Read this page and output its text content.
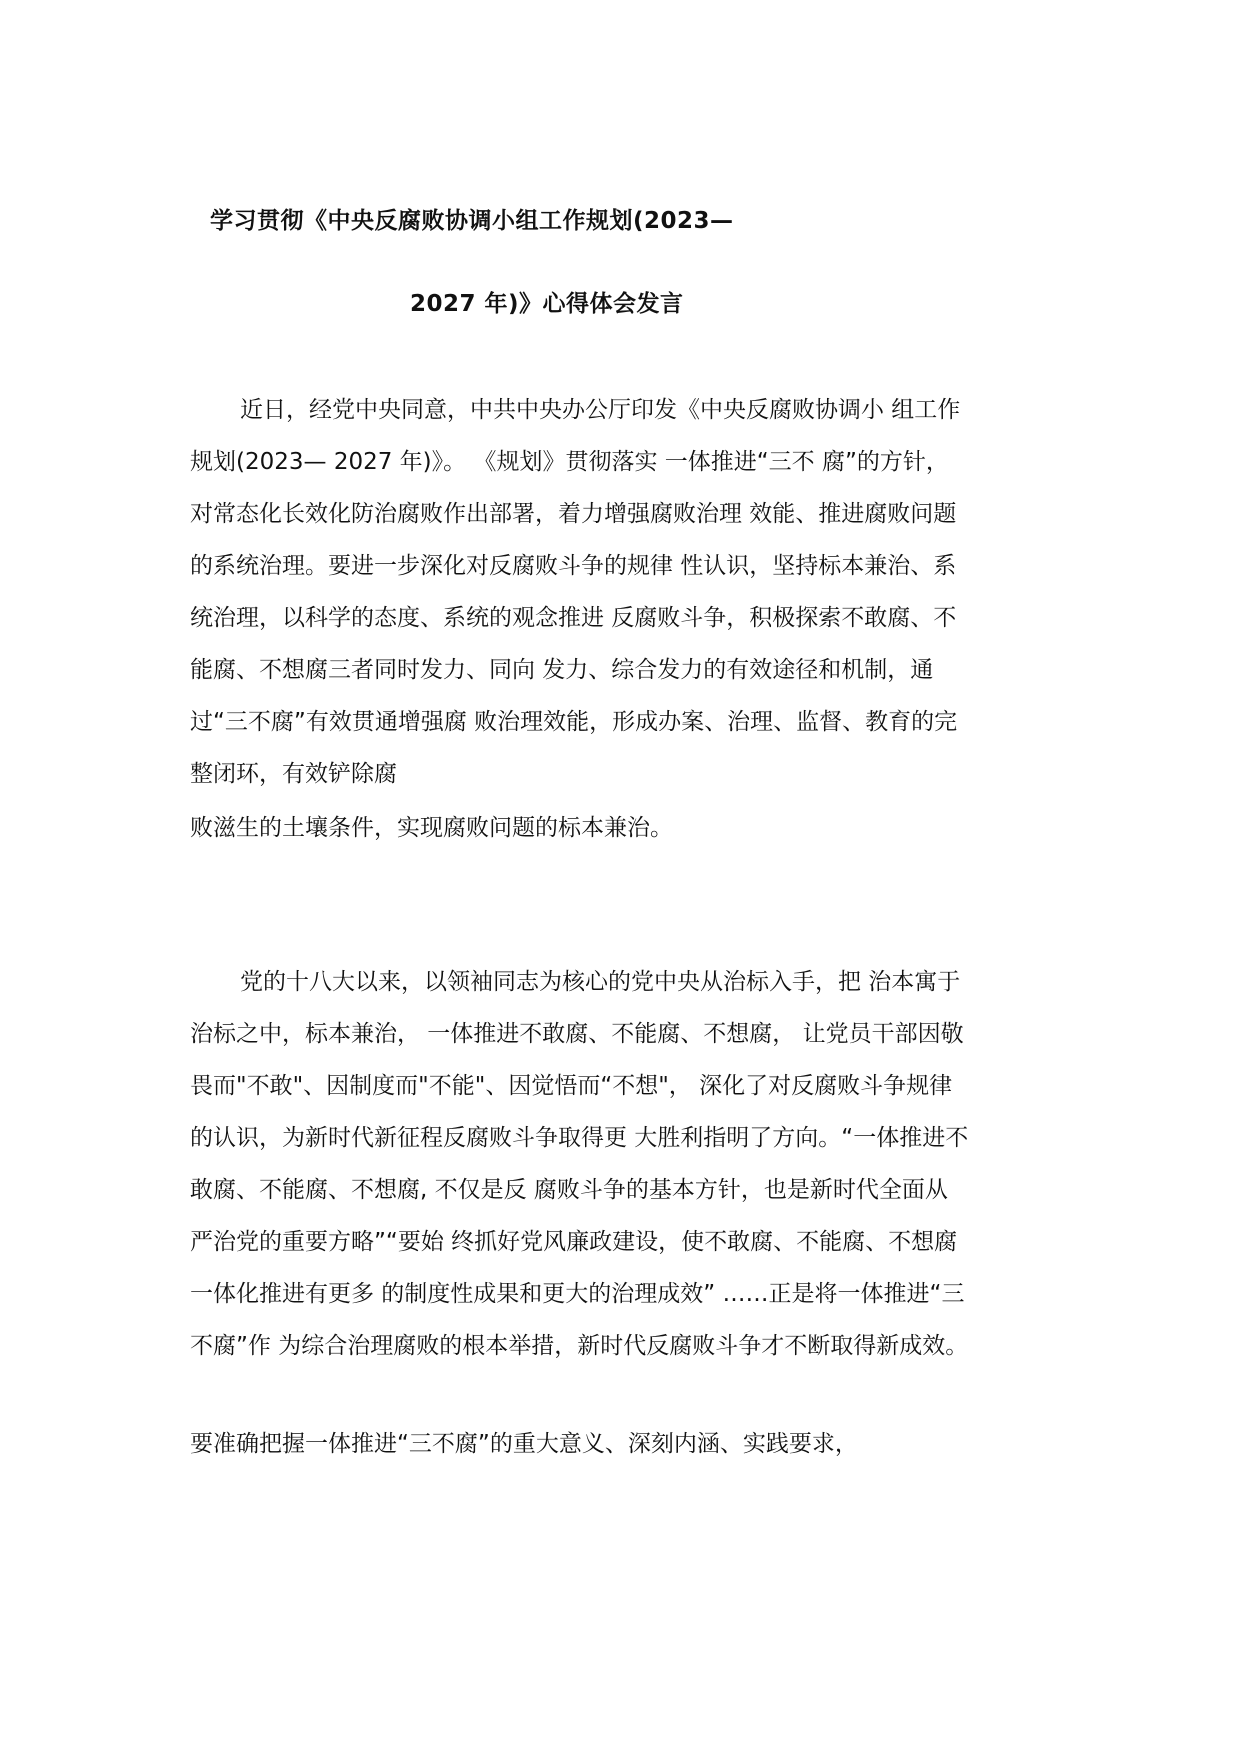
学习贯彻《中央反腐败协调小组工作规划(2023—
2027 年)》心得体会发言
近日，经党中央同意，中共中央办公厅印发《中央反腐败协调小 组工作
规划(2023— 2027 年)》。 《规划》贯彻落实 一体推进“三不 腐”的方针，
对常态化长效化防治腐败作出部署，着力增强腐败治理 效能、推进腐败问题
的系统治理。要进一步深化对反腐败斗争的规律 性认识，坚持标本兼治、系
统治理，以科学的态度、系统的观念推进 反腐败斗争，积极探索不敢腐、不
能腐、不想腐三者同时发力、同向 发力、综合发力的有效途径和机制，通
过“三不腐”有效贯通增强腐 败治理效能，形成办案、治理、监督、教育的完
整闭环，有效铲除腐
败滋生的土壤条件，实现腐败问题的标本兼治。
党的十八大以来，以领袖同志为核心的党中央从治标入手，把 治本寓于
治标之中，标本兼治， 一体推进不敢腐、不能腐、不想腐， 让党员干部因敬
畏而"不敢"、因制度而"不能"、因觉悟而“不想"， 深化了对反腐败斗争规律
的认识，为新时代新征程反腐败斗争取得更 大胜利指明了方向。“一体推进不
敢腐、不能腐、不想腐, 不仅是反 腐败斗争的基本方针，也是新时代全面从
严治党的重要方略”“要始 终抓好党风廉政建设，使不敢腐、不能腐、不想腐
一体化推进有更多 的制度性成果和更大的治理成效” ……正是将一体推进“三
不腐”作 为综合治理腐败的根本举措，新时代反腐败斗争才不断取得新成效。
要准确把握一体推进“三不腐”的重大意义、深刻内涵、实践要求，
